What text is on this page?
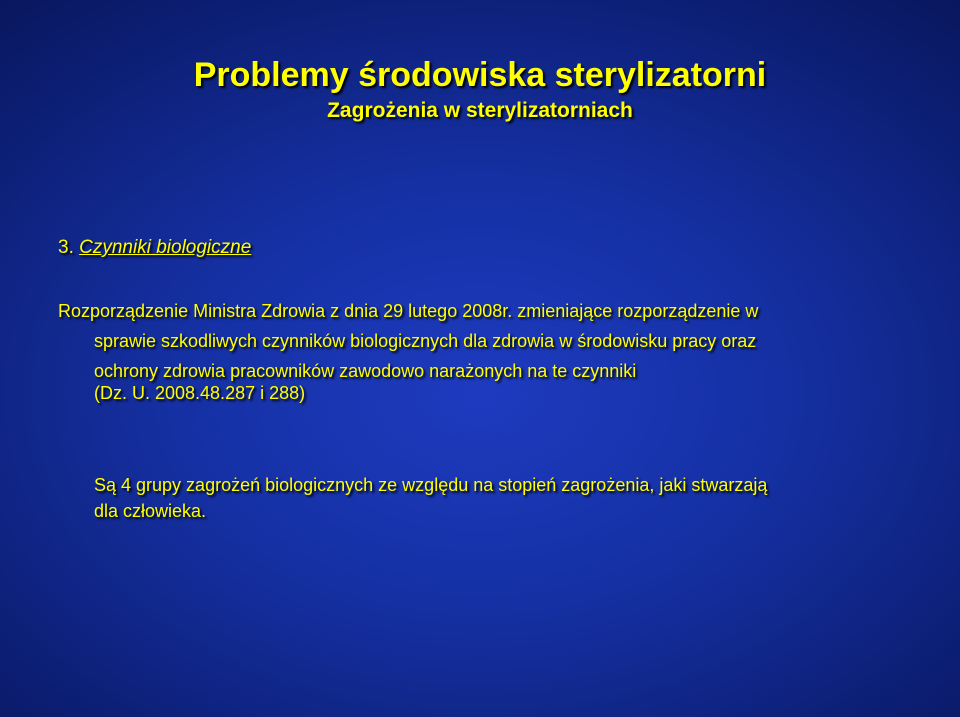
Problemy środowiska sterylizatorni
Zagrożenia w sterylizatorniach
3. Czynniki biologiczne
Rozporządzenie Ministra Zdrowia z dnia 29 lutego 2008r. zmieniające rozporządzenie w
sprawie szkodliwych czynników biologicznych dla zdrowia w środowisku pracy oraz
ochrony zdrowia pracowników zawodowo narażonych na te czynniki
(Dz. U. 2008.48.287 i 288)
Są 4 grupy zagrożeń biologicznych ze względu na stopień zagrożenia, jaki stwarzają
dla człowieka.
